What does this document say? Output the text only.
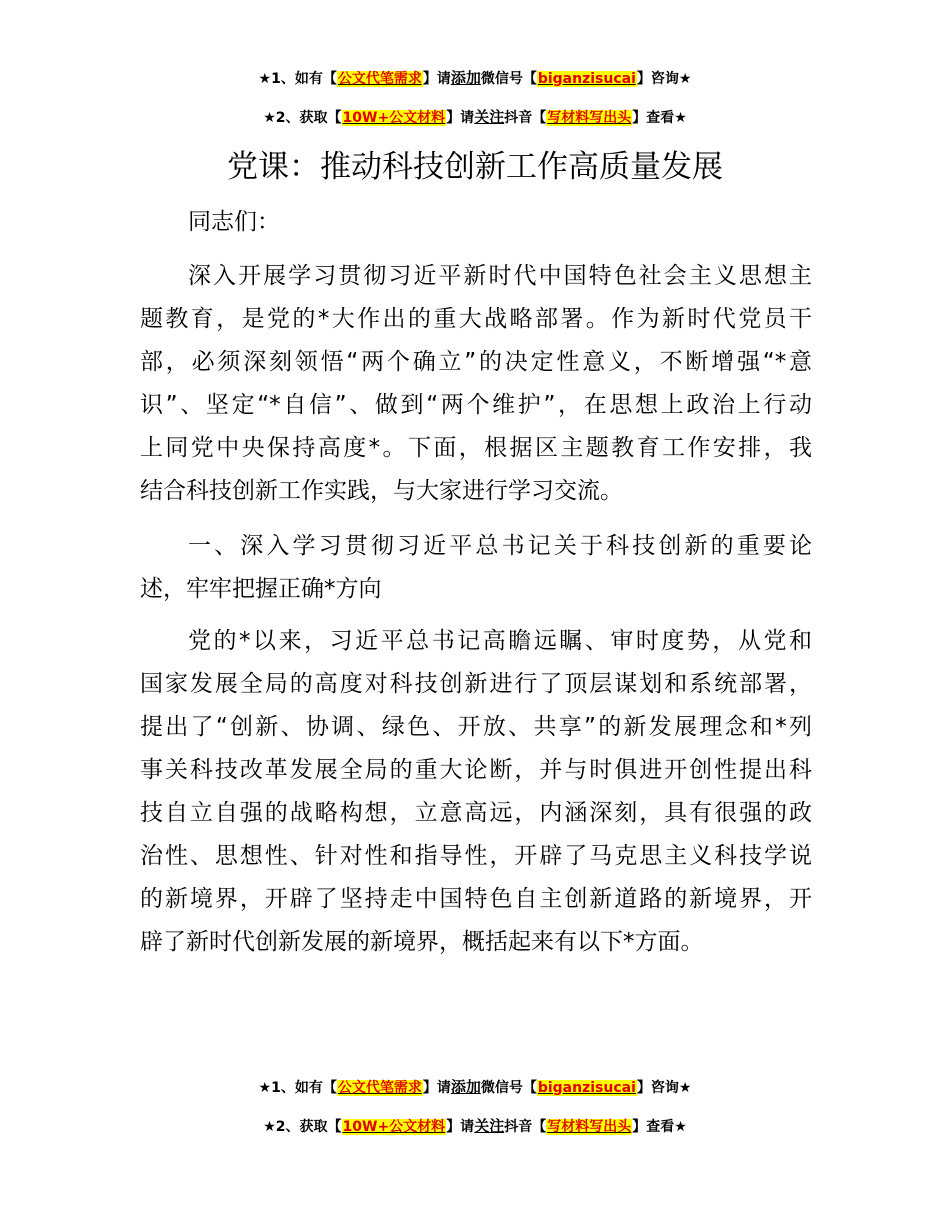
★1、如有【公文代笔需求】请添加微信号【biganzisucai】咨询★
★2、获取【10W+公文材料】请关注抖音【写材料写出头】查看★
党课：推动科技创新工作高质量发展
同志们：
深入开展学习贯彻习近平新时代中国特色社会主义思想主
题教育，是党的*大作出的重大战略部署。作为新时代党员干
部，必须深刻领悟“两个确立”的决定性意义，不断增强“*意
识”、坚定“*自信”、做到“两个维护”，在思想上政治上行动
上同党中央保持高度*。下面，根据区主题教育工作安排，我
结合科技创新工作实践，与大家进行学习交流。
一、深入学习贯彻习近平总书记关于科技创新的重要论
述，牢牢把握正确*方向
党的*以来，习近平总书记高瞻远瞩、审时度势，从党和
国家发展全局的高度对科技创新进行了顶层谋划和系统部署，
提出了“创新、协调、绿色、开放、共享”的新发展理念和*列
事关科技改革发展全局的重大论断，并与时俱进开创性提出科
技自立自强的战略构想，立意高远，内涵深刻，具有很强的政
治性、思想性、针对性和指导性，开辟了马克思主义科技学说
的新境界，开辟了坚持走中国特色自主创新道路的新境界，开
辟了新时代创新发展的新境界，概括起来有以下*方面。
★1、如有【公文代笔需求】请添加微信号【biganzisucai】咨询★
★2、获取【10W+公文材料】请关注抖音【写材料写出头】查看★
